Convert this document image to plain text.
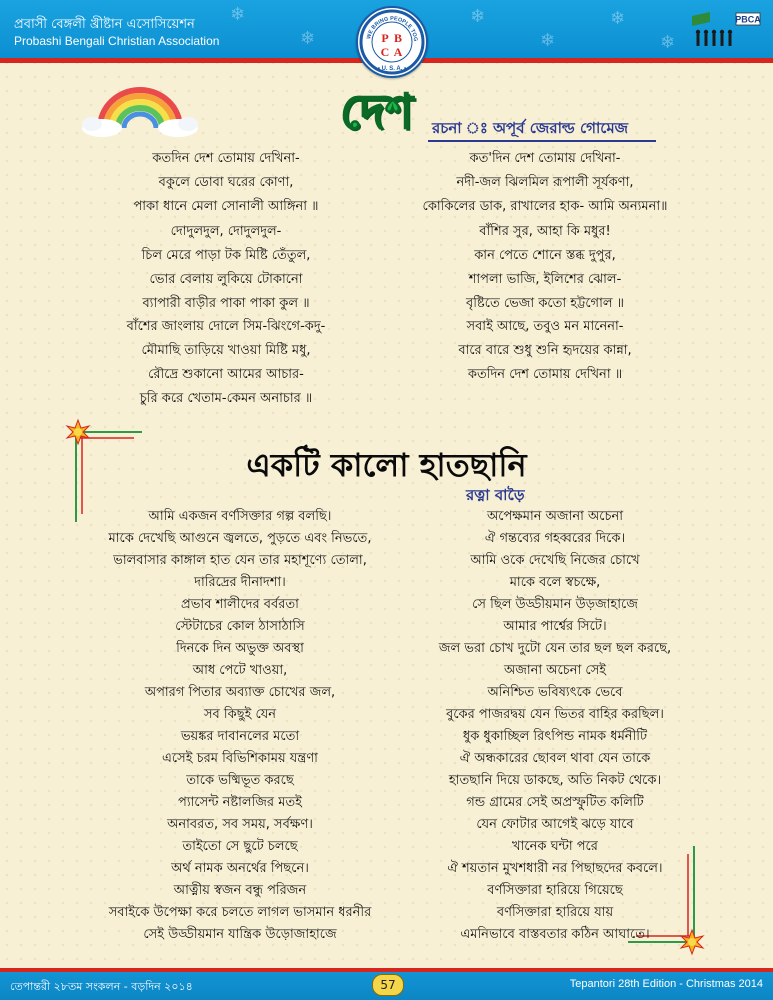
❄
❄
❄
❄
❄
❄
প্রবাসী বেঙ্গলী খ্রীষ্টান এসোসিয়েশন
Probashi Bengali Christian Association
PBCA
WE BRING PEOPLE TOG
• U. S. A. •
P B
C A
দেশ রচনা ঃ অপূর্ব জেরাল্ড গোমেজ
কতদিন দেশ তোমায় দেখিনা-
বকুলে ডোবা ঘরের কোণা,
পাকা ধানে মেলা সোনালী আঙ্গিনা ॥
দোদুলদুল, দোদুলদুল-
চিল মেরে পাড়া টক মিষ্টি তেঁতুল,
ভোর বেলায় লুকিয়ে টোকানো
ব্যাপারী বাড়ীর পাকা পাকা কুল ॥
বাঁশের জাংলায় দোলে সিম-ঝিংগে-কদু-
মৌমাছি তাড়িয়ে খাওয়া মিষ্টি মধু,
রৌদ্রে শুকানো আমের আচার-
চুরি করে খেতাম-কেমন অনাচার ॥
কত'দিন দেশ তোমায় দেখিনা-
নদী-জল ঝিলমিল রূপালী সূর্যকণা,
কোকিলের ডাক, রাখালের হাক- আমি অন্যমনা॥
বাঁশির সুর, আহা কি মধুর!
কান পেতে শোনে স্তব্ধ দুপুর,
শাপলা ভাজি, ইলিশের ঝোল-
বৃষ্টিতে ভেজা কতো হট্টগোল ॥
সবাই আছে, তবুও মন মানেনা-
বারে বারে শুধু শুনি হৃদয়ের কান্না,
কতদিন দেশ তোমায় দেখিনা ॥
একটি কালো হাতছানি
রত্না বাড়ৈ
আমি একজন বর্ণসিক্তার গল্প বলছি।
মাকে দেখেছি আগুনে জ্বলতে, পুড়তে এবং নিভতে,
ভালবাসার কাঙ্গাল হাত যেন তার মহাশূণ্যে তোলা,
দারিদ্রের দীনাদশা।
প্রভাব শালীদের বর্বরতা
স্টেটাচের কোল ঠাসাঠাসি
দিনকে দিন অভুক্ত অবস্থা
আধ পেটে খাওয়া,
অপারগ পিতার অব্যাক্ত চোখের জল,
সব কিছুই যেন
ভয়ঙ্কর দাবানলের মতো
এসেই চরম বিভিশিকাময় যন্ত্রণা
তাকে ভষ্মিভূত করছে
প্যাসেন্ট নষ্টালজির মতই
অনাবরত, সব সময়, সর্বক্ষণ।
তাইতো সে ছুটে চলছে
অর্থ নামক অনর্থের পিছনে।
আত্নীয় স্বজন বন্ধু পরিজন
সবাইকে উপেক্ষা করে চলতে লাগল ভাসমান ধরনীর
সেই উড্ডীয়মান যান্ত্রিক উড়োজাহাজে
অপেক্ষমান অজানা অচেনা
ঐ গন্তব্যের গহব্বরের দিকে।
আমি ওকে দেখেছি নিজের চোখে
মাকে বলে স্বচক্ষে,
সে ছিল উড্ডীয়মান উড়জাহাজে
আমার পার্শ্বের সিটে।
জল ভরা চোখ দুটো যেন তার ছল ছল করছে,
অজানা অচেনা সেই
অনিশ্চিত ভবিষ্যৎকে ভেবে
বুকের পাজরদ্বয় যেন ভিতর বাহির করছিল।
ধুক ধুকাচ্ছিল রিৎপিন্ড নামক ধর্মনীটি
ঐ অন্ধকারের ছোবল থাবা যেন তাকে
হাতছানি দিয়ে ডাকছে, অতি নিকট থেকে।
গন্ড গ্রামের সেই অপ্রস্ফুটিত কলিটি
যেন ফোটার আগেই ঝড়ে যাবে
খানেক ঘন্টা পরে
ঐ শয়তান মুখশধারী নর পিছাছদের কবলে।
বর্ণসিক্তারা হারিয়ে গিয়েছে
বর্ণসিক্তারা হারিয়ে যায়
এমনিভাবে বাস্তবতার কঠিন আঘাতে।
তেপান্তরী ২৮তম সংকলন - বড়দিন ২০১৪	57	Tepantori 28th Edition - Christmas 2014
